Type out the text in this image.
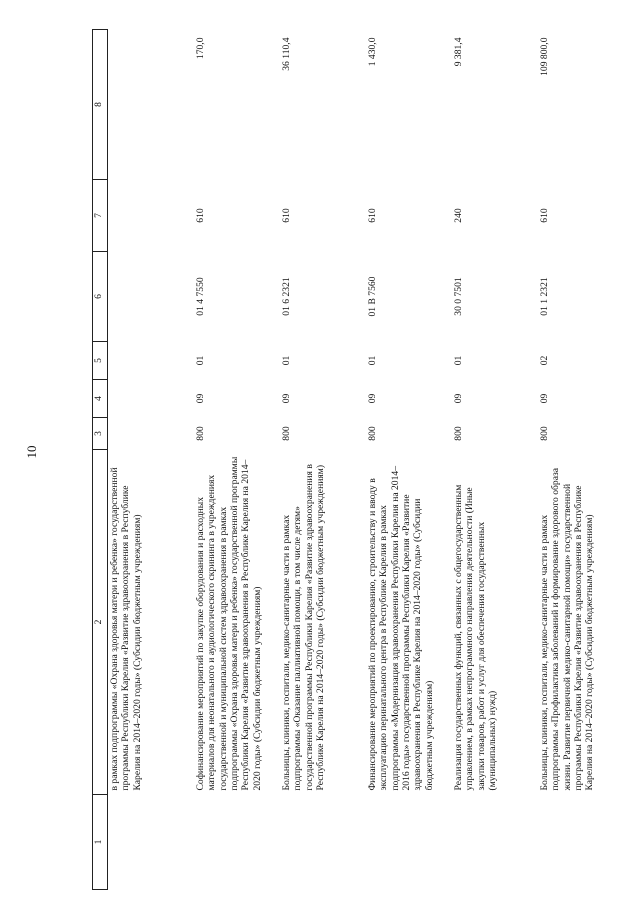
10
1	2	3	4	5	6	7	8
	в рамках подпрограммы «Охрана здоровья матери и ребенка» государственной программы Республики Карелия «Развитие здравоохранения в Республике Карелия на 2014–2020 годы» (Субсидии бюджетным учреждениям)						
	Софинансирование мероприятий по закупке оборудования и расходных материалов для неонатального и аудиологического скрининга в учреждениях государственной и муниципальной систем здравоохранения в рамках подпрограммы «Охрана здоровья матери и ребенка» государственной программы Республики Карелия «Развитие здравоохранения в Республике Карелия на 2014–2020 годы» (Субсидии бюджетным учреждениям)	800	09	01	01 4 7550	610	170,0
	Больницы, клиники, госпитали, медико-санитарные части в рамках подпрограммы «Оказание паллиативной помощи, в том числе детям» государственной программы Республики Карелия «Развитие здравоохранения в Республике Карелия на 2014–2020 годы» (Субсидии бюджетным учреждениям)	800	09	01	01 6 2321	610	36 110,4
	Финансирование мероприятий по проектированию, строительству и вводу в эксплуатацию перинатального центра в Республике Карелия в рамках подпрограммы «Модернизация здравоохранения Республики Карелия на 2014–2016 годы» государственной программы Республики Карелия «Развитие здравоохранения в Республике Карелия на 2014–2020 годы» (Субсидии бюджетным учреждениям)	800	09	01	01 В 7560	610	1 430,0
	Реализация государственных функций, связанных с общегосударственным управлением, в рамках непрограммного направления деятельности (Иные закупки товаров, работ и услуг для обеспечения государственных (муниципальных) нужд)	800	09	01	30 0 7501	240	9 381,4
	Больницы, клиники, госпитали, медико-санитарные части в рамках подпрограммы «Профилактика заболеваний и формирование здорового образа жизни. Развитие первичной медико-санитарной помощи» государственной программы Республики Карелия «Развитие здравоохранения в Республике Карелия на 2014–2020 годы» (Субсидии бюджетным учреждениям)	800	09	02	01 1 2321	610	109 800,0
